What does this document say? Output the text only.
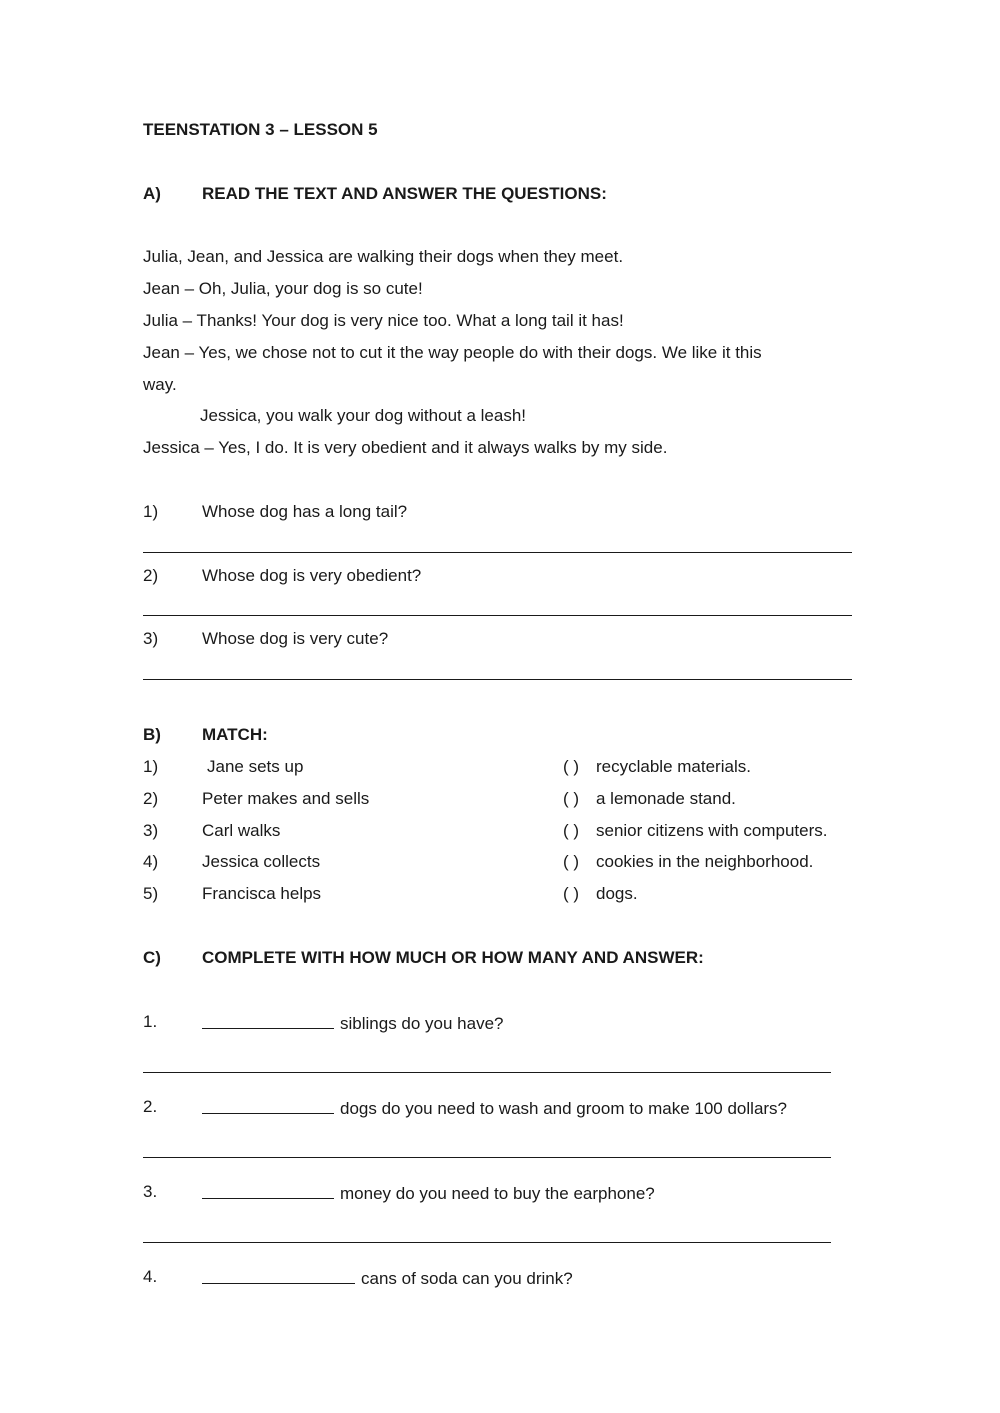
TEENSTATION 3 – LESSON 5
A) READ THE TEXT AND ANSWER THE QUESTIONS:
Julia, Jean, and Jessica are walking their dogs when they meet.
Jean – Oh, Julia, your dog is so cute!
Julia – Thanks! Your dog is very nice too. What a long tail it has!
Jean – Yes, we chose not to cut it the way people do with their dogs. We like it this
way.
Jessica, you walk your dog without a leash!
Jessica – Yes, I do. It is very obedient and it always walks by my side.
1)	Whose dog has a long tail?
2)	Whose dog is very obedient?
3)	Whose dog is very cute?
B) MATCH:
1)	Jane sets up	( ) recyclable materials.
2)	Peter makes and sells	( ) a lemonade stand.
3)	Carl walks	( ) senior citizens with computers.
4)	Jessica collects	( ) cookies in the neighborhood.
5)	Francisca helps	( ) dogs.
C) COMPLETE WITH HOW MUCH OR HOW MANY AND ANSWER:
1.	siblings do you have?
2.	dogs do you need to wash and groom to make 100 dollars?
3.	money do you need to buy the earphone?
4.	cans of soda can you drink?
